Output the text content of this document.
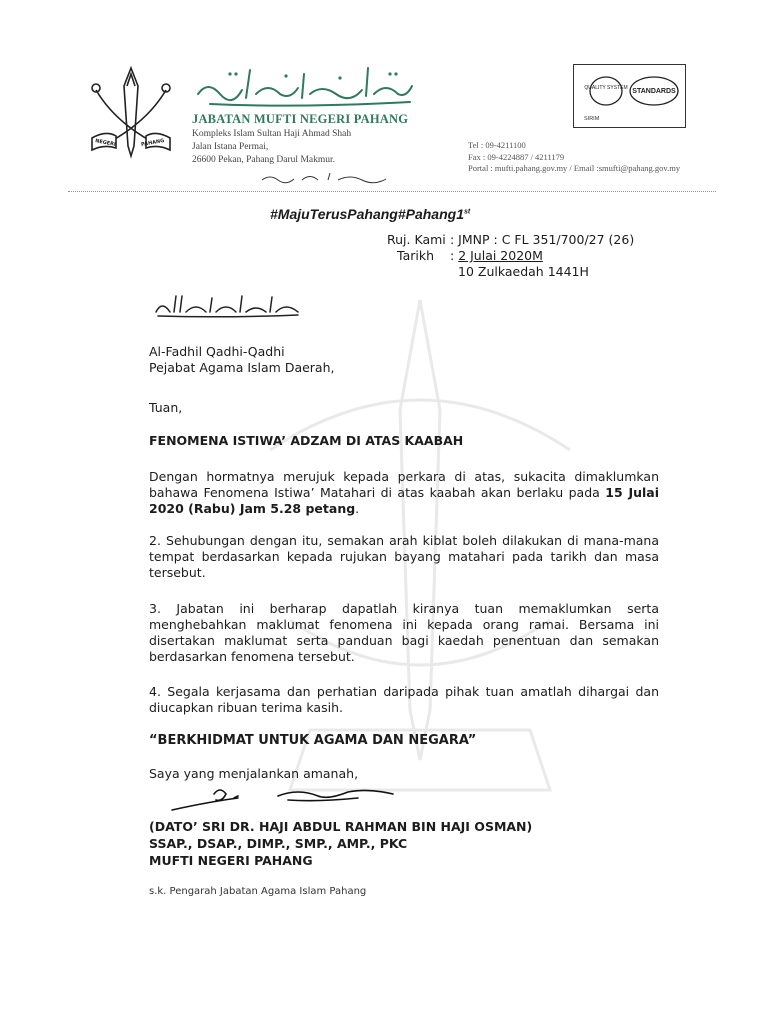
NEGERI	PAHANG
JABATAN MUFTI NEGERI PAHANG
Kompleks Islam Sultan Haji Ahmad Shah
Jalan Istana Permai,
26600 Pekan, Pahang Darul Makmur.
Tel : 09-4211100
Fax : 09-4224887 / 4211179
Portal : mufti.pahang.gov.my / Email :smufti@pahang.gov.my
QUALITY SYSTEM STANDARDS
SIRIM
#MajuTerusPahang#Pahang1st
Ruj. Kami : JMNP : C FL 351/700/27 (26)
Tarikh : 2 Julai 2020M
10 Zulkaedah 1441H
Al-Fadhil Qadhi-Qadhi
Pejabat Agama Islam Daerah,
Tuan,
FENOMENA ISTIWA’ ADZAM DI ATAS KAABAH
Dengan hormatnya merujuk kepada perkara di atas, sukacita dimaklumkan bahawa Fenomena Istiwa’ Matahari di atas kaabah akan berlaku pada 15 Julai 2020 (Rabu) Jam 5.28 petang.
2. Sehubungan dengan itu, semakan arah kiblat boleh dilakukan di mana-mana tempat berdasarkan kepada rujukan bayang matahari pada tarikh dan masa tersebut.
3. Jabatan ini berharap dapatlah kiranya tuan memaklumkan serta menghebahkan maklumat fenomena ini kepada orang ramai. Bersama ini disertakan maklumat serta panduan bagi kaedah penentuan dan semakan berdasarkan fenomena tersebut.
4. Segala kerjasama dan perhatian daripada pihak tuan amatlah dihargai dan diucapkan ribuan terima kasih.
“BERKHIDMAT UNTUK AGAMA DAN NEGARA”
Saya yang menjalankan amanah,
(DATO’ SRI DR. HAJI ABDUL RAHMAN BIN HAJI OSMAN)
SSAP., DSAP., DIMP., SMP., AMP., PKC
MUFTI NEGERI PAHANG
s.k. Pengarah Jabatan Agama Islam Pahang
